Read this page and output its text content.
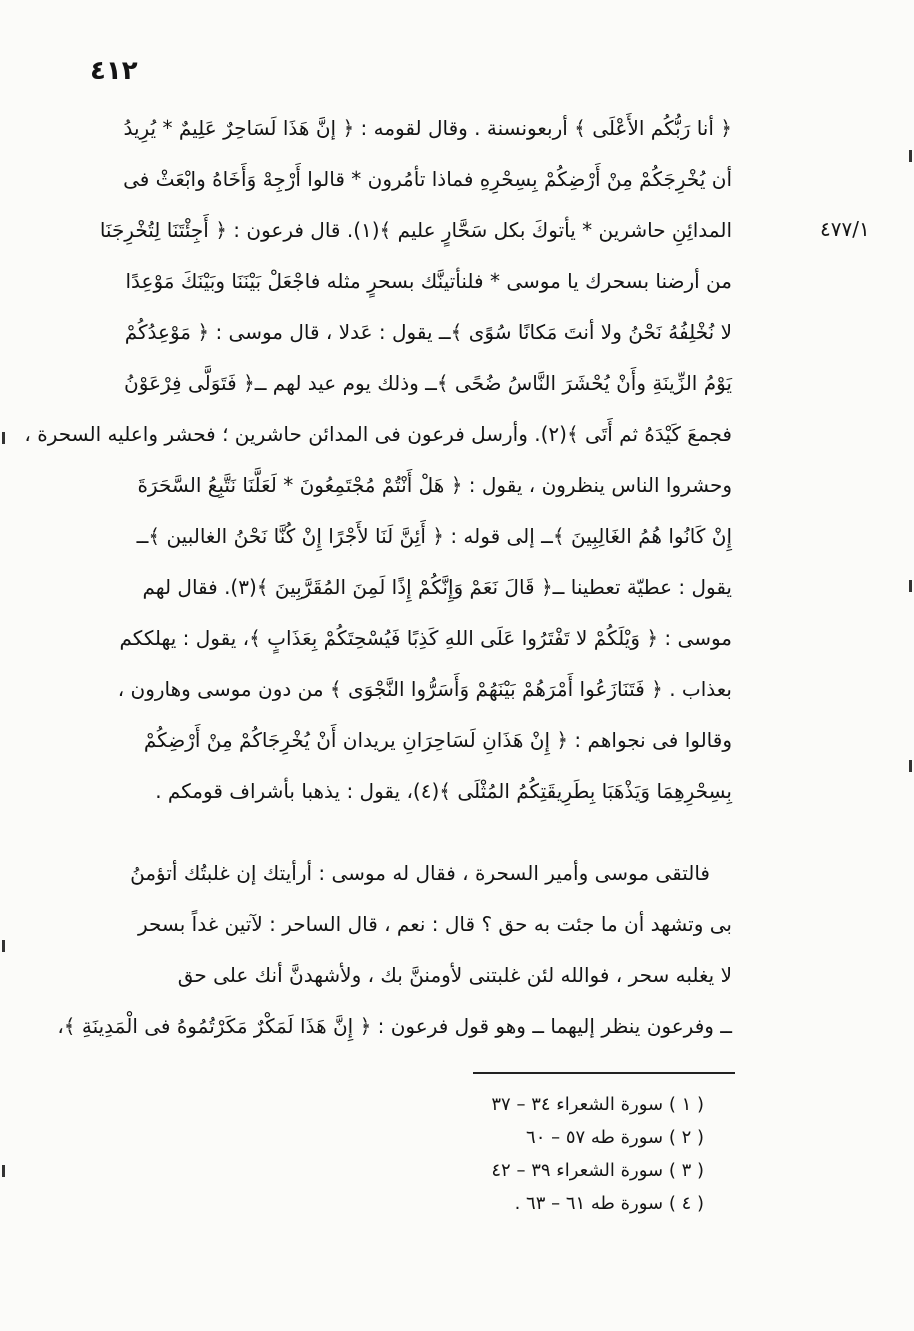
٤١٢
٤٧٧/١
﴿ أنا رَبُّكُم الأَعْلَى ﴾ أربعونسنة . وقال لقومه : ﴿ إنَّ هَذَا لَسَاحِرٌ عَلِيمٌ * يُرِيدُ
أن يُخْرِجَكُمْ مِنْ أَرْضِكُمْ بِسِحْرِهِ فماذا تأمُرون * قالوا أَرْجِهْ وَأَخَاهُ وابْعَثْ فى
المدائِنِ حاشرين * يأتوكَ بكل سَحَّارٍ عليم ﴾(١). قال فرعون : ﴿ أَجِئْتَنَا لِتُخْرِجَنَا
من أرضنا بسحرك يا موسى * فلنأتينَّك بسحرٍ مثله فاجْعَلْ بَيْنَنَا وبَيْنَكَ مَوْعِدًا
لا نُخْلِفُهُ نَحْنُ ولا أنتَ مَكانًا سُوًى ﴾ــ يقول : عَدلا ، قال موسى : ﴿ مَوْعِدُكُمْ
يَوْمُ الزِّينَةِ وأَنْ يُحْشَرَ النَّاسُ ضُحًى ﴾ــ وذلك يوم عيد لهم ــ﴿ فَتَوَلَّى فِرْعَوْنُ
فجمعَ كَيْدَهُ ثم أَتَى ﴾(٢). وأرسل فرعون فى المدائن حاشرين ؛ فحشر واعليه السحرة ،
وحشروا الناس ينظرون ، يقول : ﴿ هَلْ أَنْتُمْ مُجْتَمِعُونَ * لَعَلَّنَا نَتَّبِعُ السَّحَرَةَ
إِنْ كَانُوا هُمُ الغَالِبِينَ ﴾ــ إلى قوله : ﴿ أَئِنَّ لَنَا لأَجْرًا إِنْ كُنَّا نَحْنُ الغالبين ﴾ــ
يقول : عطيّة تعطينا ــ﴿ قَالَ نَعَمْ وَإِنَّكُمْ إِذًا لَمِنَ المُقَرَّبِينَ ﴾(٣). فقال لهم
موسى : ﴿ وَيْلَكُمْ لا تَفْتَرُوا عَلَى اللهِ كَذِبًا فَيُسْحِتَكُمْ بِعَذَابٍ ﴾، يقول : يهلككم
بعذاب . ﴿ فَتَنَازَعُوا أَمْرَهُمْ بَيْنَهُمْ وَأَسَرُّوا النَّجْوَى ﴾ من دون موسى وهارون ،
وقالوا فى نجواهم : ﴿ إِنْ هَذَانِ لَسَاحِرَانِ يريدان أَنْ يُخْرِجَاكُمْ مِنْ أَرْضِكُمْ
بِسِحْرِهِمَا وَيَذْهَبَا بِطَرِيقَتِكُمُ المُثْلَى ﴾(٤)، يقول : يذهبا بأشراف قومكم .
فالتقى موسى وأمير السحرة ، فقال له موسى : أرأيتك إن غلبتُك أتؤمنُ
بى وتشهد أن ما جئت به حق ؟ قال : نعم ، قال الساحر : لآتين غداً بسحر
لا يغلبه سحر ، فوالله لئن غلبتنى لأومننَّ بك ، ولأشهدنَّ أنك على حق
ــ وفرعون ينظر إليهما ــ وهو قول فرعون : ﴿ إِنَّ هَذَا لَمَكْرٌ مَكَرْتُمُوهُ فى الْمَدِينَةِ ﴾،
( ١ ) سورة الشعراء ٣٤ – ٣٧
( ٢ ) سورة طه ٥٧ – ٦٠
( ٣ ) سورة الشعراء ٣٩ – ٤٢
( ٤ ) سورة طه ٦١ – ٦٣ .
